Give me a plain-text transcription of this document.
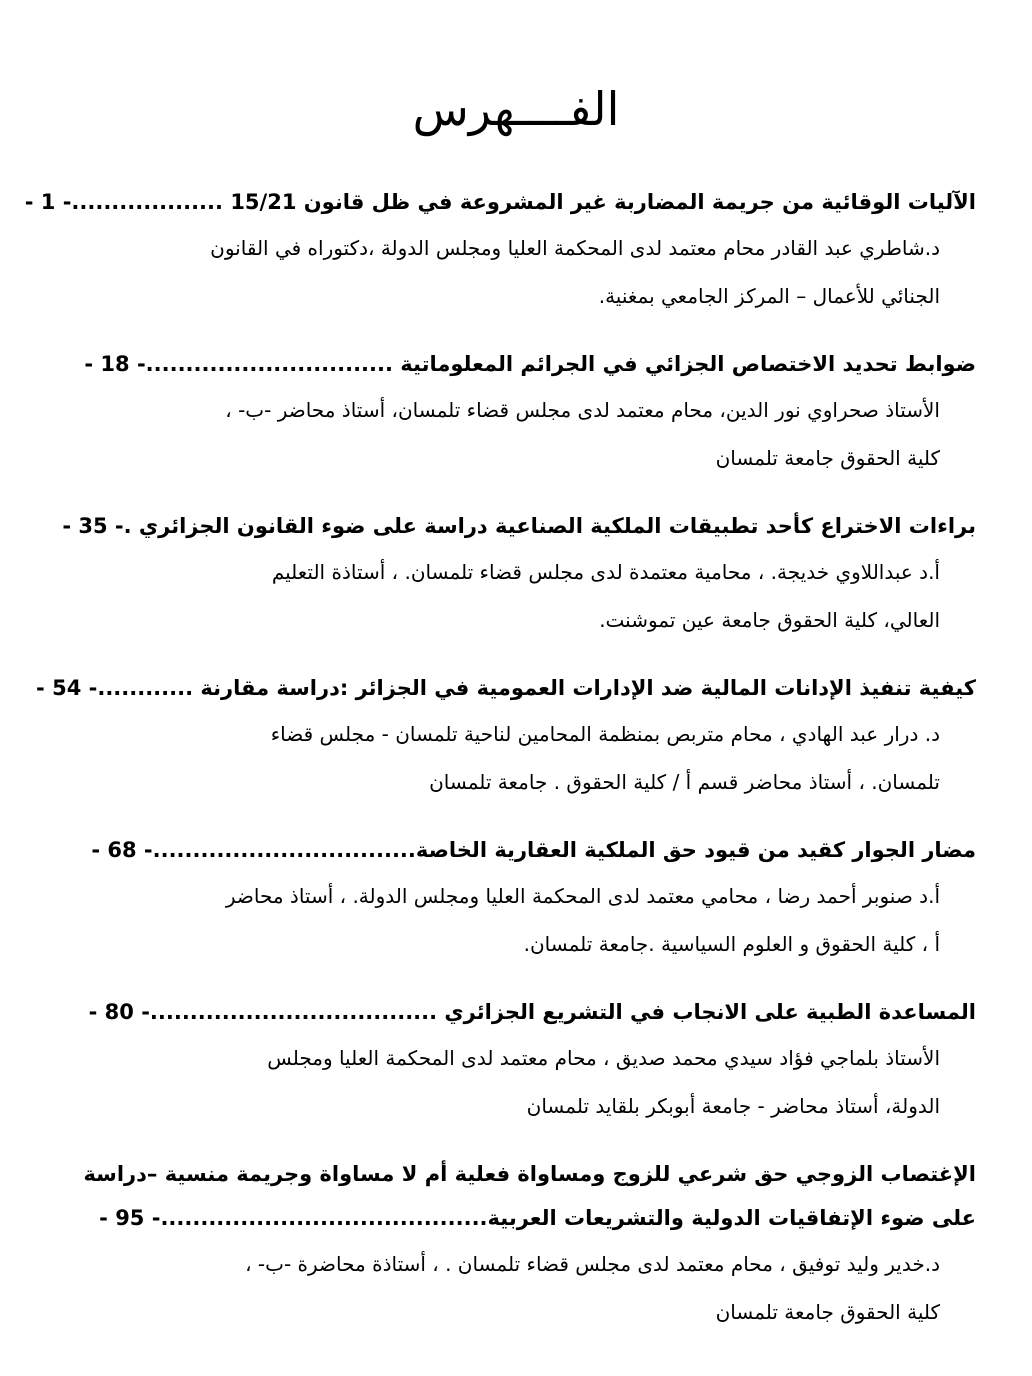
الفــــهرس

الآليات الوقائية من جريمة المضاربة غير المشروعة في ظل قانون 15/21 ...................- 1 -

د.شاطري عبد القادر محام معتمد لدى المحكمة العليا ومجلس الدولة ،دكتوراه في القانون
الجنائي للأعمال – المركز الجامعي بمغنية.

ضوابط تحديد الاختصاص الجزائي في الجرائم المعلوماتية ...............................- 18 -

الأستاذ صحراوي نور الدين، محام معتمد لدى مجلس قضاء تلمسان، أستاذ محاضر -ب- ،
كلية الحقوق جامعة تلمسان

براءات الاختراع كأحد تطبيقات الملكية الصناعية دراسة على ضوء القانون الجزائري .- 35 -

أ.د عبداللاوي خديجة. ، محامية معتمدة لدى مجلس قضاء تلمسان. ، أستاذة التعليم
العالي، كلية الحقوق جامعة عين تموشنت.

كيفية تنفيذ الإدانات المالية ضد الإدارات العمومية في الجزائر :دراسة مقارنة ............- 54 -

د. درار عبد الهادي ، محام متربص بمنظمة المحامين لناحية تلمسان - مجلس قضاء
تلمسان. ، أستاذ محاضر قسم أ / كلية الحقوق . جامعة تلمسان

مضار الجوار كقيد من قيود حق الملكية العقارية الخاصة.................................- 68 -

أ.د صنوبر أحمد رضا ، محامي معتمد لدى المحكمة العليا ومجلس الدولة. ، أستاذ محاضر
أ ، كلية الحقوق و العلوم السياسية .جامعة تلمسان.

المساعدة الطبية على الانجاب في التشريع الجزائري ....................................- 80 -

الأستاذ بلماجي فؤاد سيدي محمد صديق ، محام معتمد لدى المحكمة العليا ومجلس
الدولة، أستاذ محاضر - جامعة أبوبكر بلقايد تلمسان

الإغتصاب الزوجي حق شرعي للزوج ومساواة فعلية أم لا مساواة وجريمة منسية –دراسة
على ضوء الإتفاقيات الدولية والتشريعات العربية.........................................- 95 -

د.خدير وليد توفيق ، محام معتمد لدى مجلس قضاء تلمسان . ، أستاذة محاضرة -ب- ،
كلية الحقوق جامعة تلمسان
